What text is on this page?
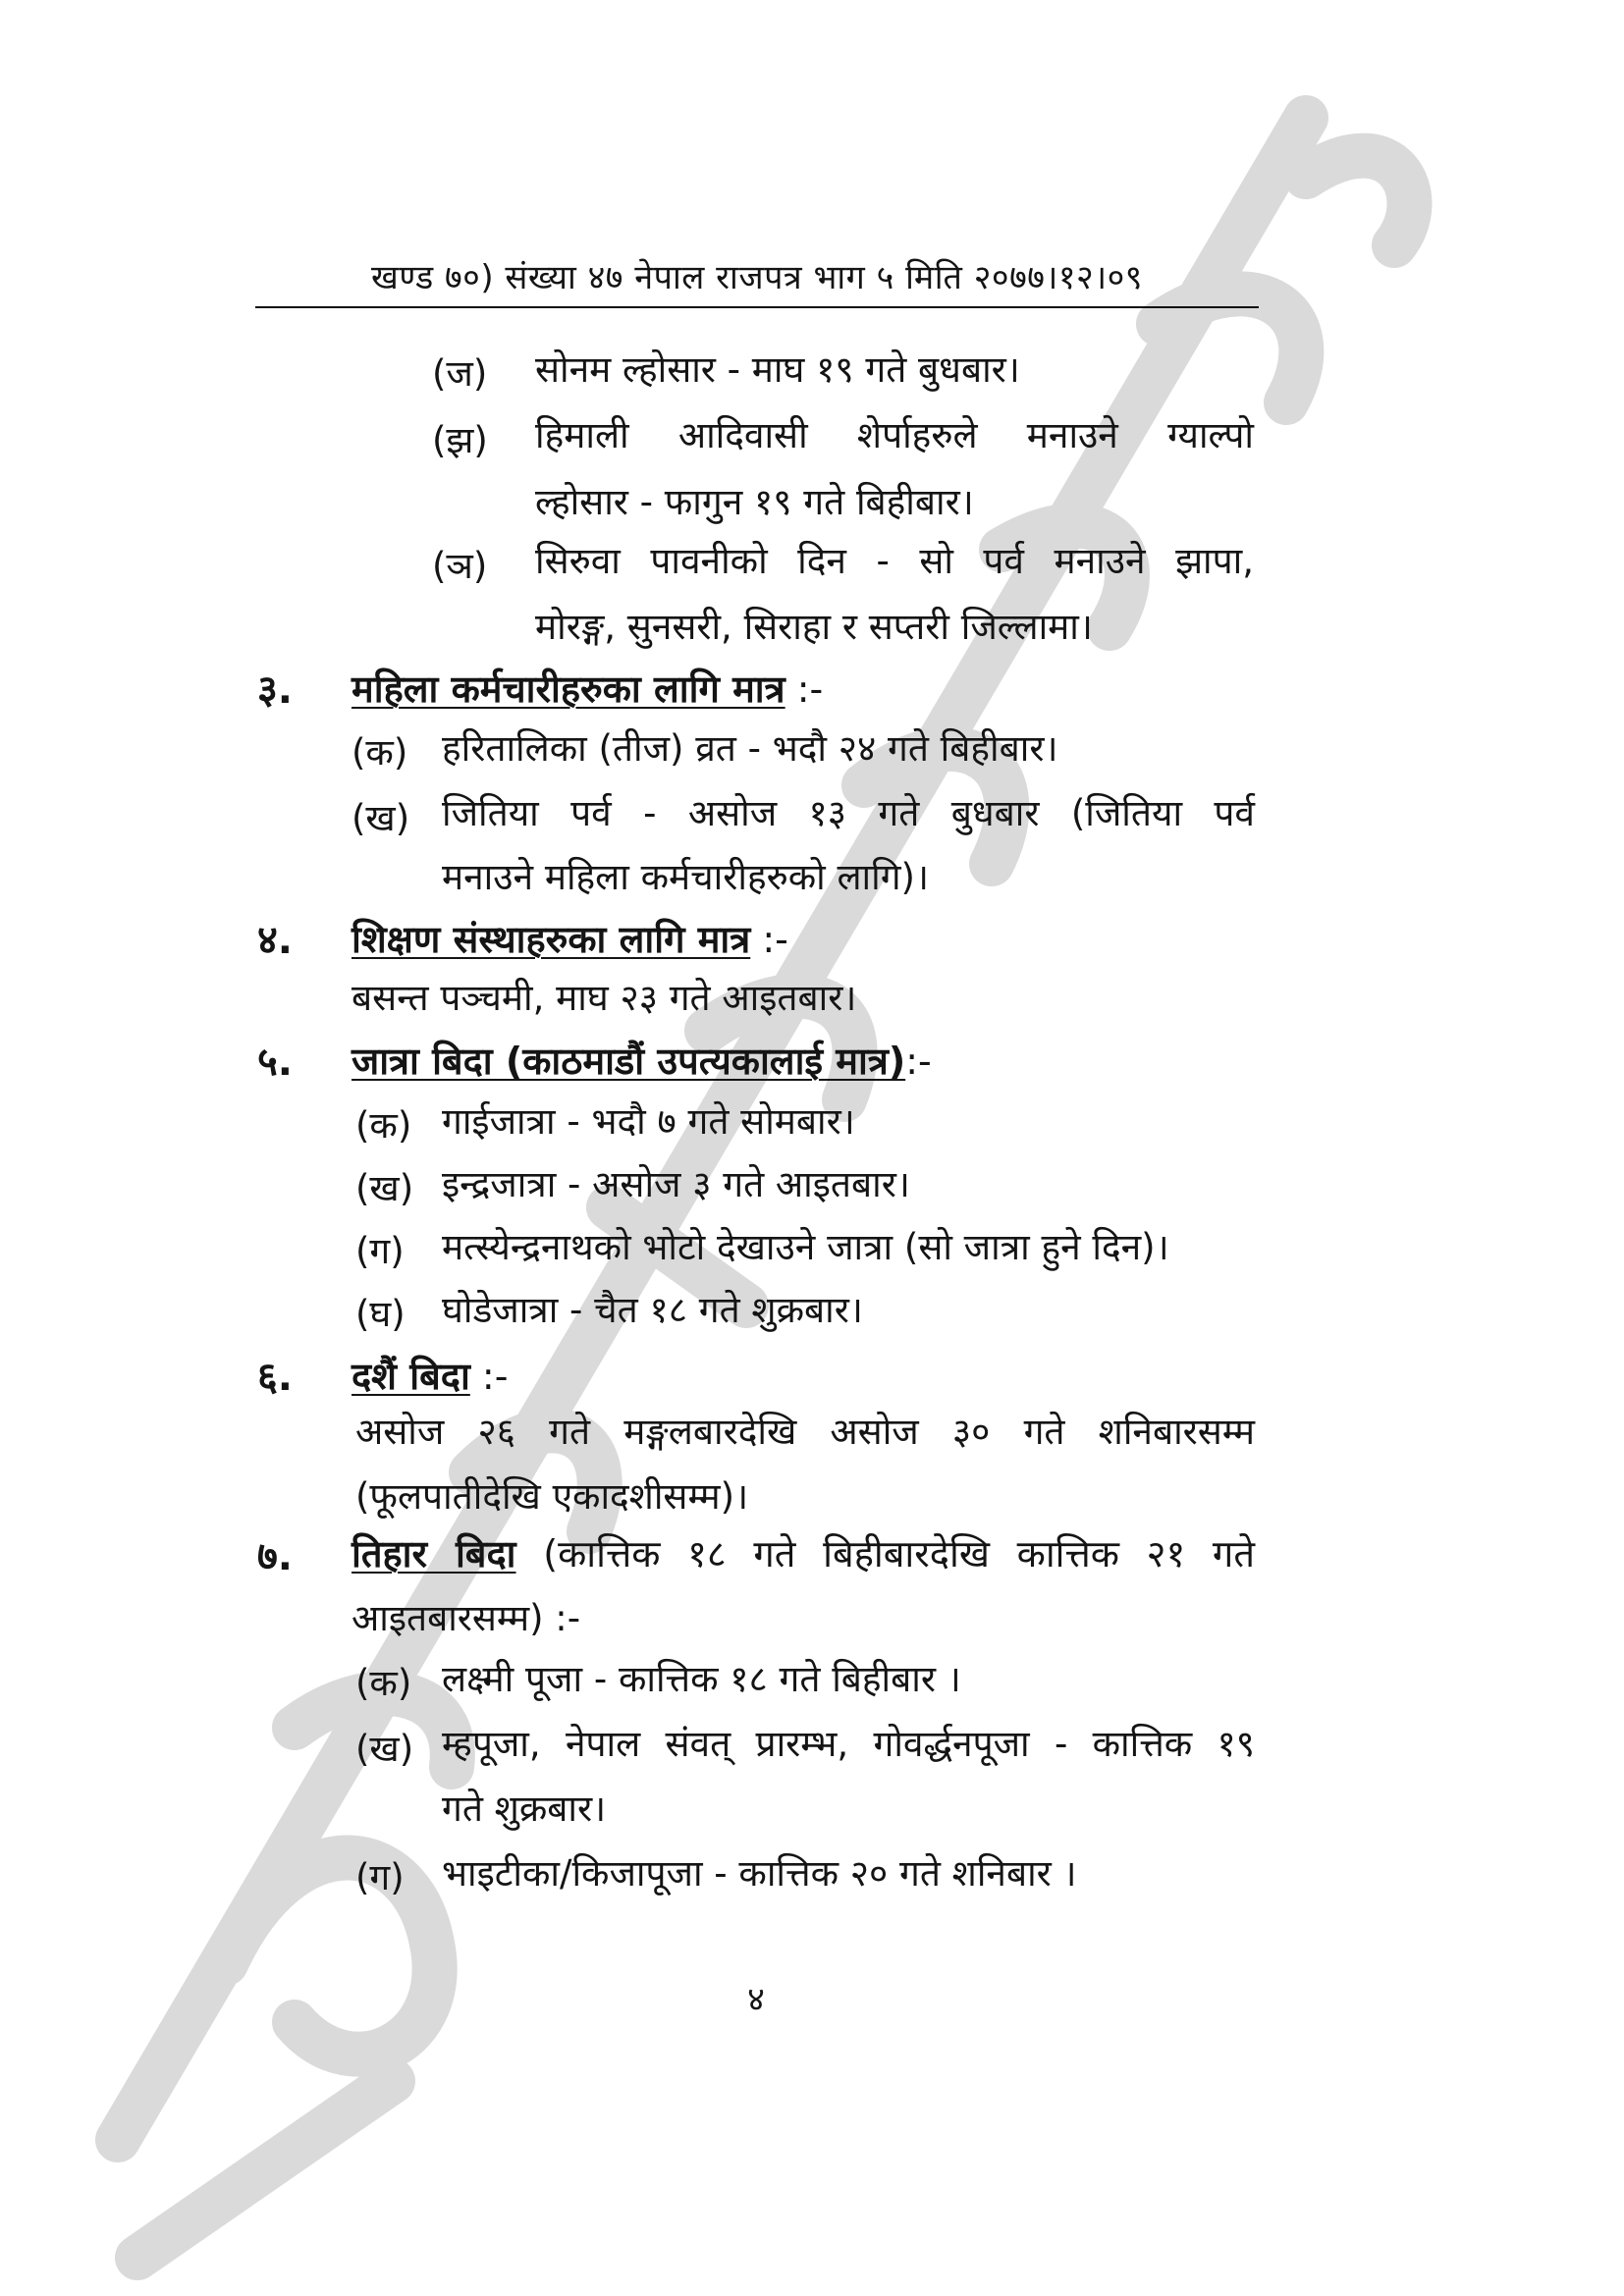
खण्ड ७०) संख्या ४७ नेपाल राजपत्र भाग ५ मिति २०७७।१२।०९
(ज) सोनम ल्होसार - माघ १९ गते बुधबार।
(झ) हिमाली आदिवासी शेर्पाहरुले मनाउने ग्याल्पो
ल्होसार - फागुन १९ गते बिहीबार।
(ञ) सिरुवा पावनीको दिन - सो पर्व मनाउने झापा,
मोरङ्ग, सुनसरी, सिराहा र सप्तरी जिल्लामा।
३. महिला कर्मचारीहरुका लागि मात्र :-
(क) हरितालिका (तीज) व्रत - भदौ २४ गते बिहीबार।
(ख) जितिया पर्व - असोज १३ गते बुधबार (जितिया पर्व
मनाउने महिला कर्मचारीहरुको लागि)।
४. शिक्षण संस्थाहरुका लागि मात्र :-
बसन्त पञ्चमी, माघ २३ गते आइतबार।
५. जात्रा बिदा (काठमाडौं उपत्यकालाई मात्र):-
(क) गाईजात्रा - भदौ ७ गते सोमबार।
(ख) इन्द्रजात्रा - असोज ३ गते आइतबार।
(ग) मत्स्येन्द्रनाथको भोटो देखाउने जात्रा (सो जात्रा हुने दिन)।
(घ) घोडेजात्रा - चैत १८ गते शुक्रबार।
६. दशैं बिदा :-
असोज २६ गते मङ्गलबारदेखि असोज ३० गते शनिबारसम्म
(फूलपातीदेखि एकादशीसम्म)।
७. तिहार बिदा (कात्तिक १८ गते बिहीबारदेखि कात्तिक २१ गते
आइतबारसम्म) :-
(क) लक्ष्मी पूजा - कात्तिक १८ गते बिहीबार ।
(ख) म्हपूजा, नेपाल संवत् प्रारम्भ, गोवर्द्धनपूजा - कात्तिक १९
गते शुक्रबार।
(ग) भाइटीका/किजापूजा - कात्तिक २० गते शनिबार ।
४
